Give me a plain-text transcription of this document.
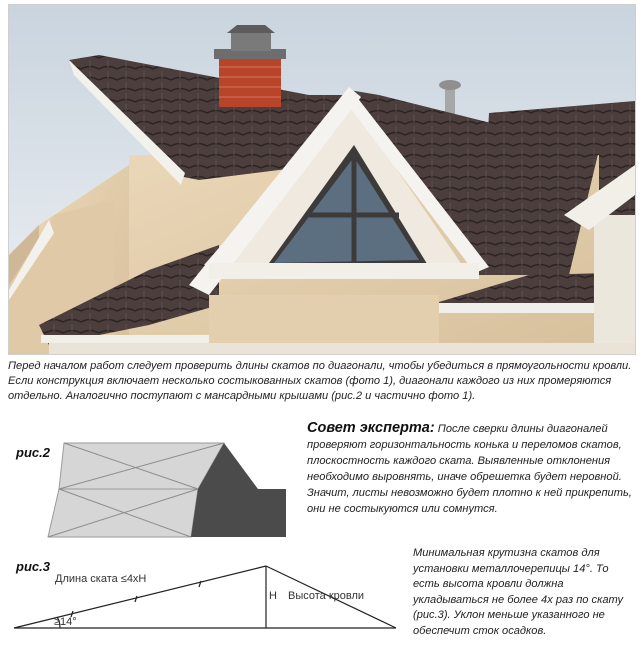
Перед началом работ следует проверить длины скатов по диагонали, чтобы убедиться в прямоугольности кровли. Если конструкция включает несколько состыкованных скатов (фото 1), диагонали каждого из них промеряются отдельно. Аналогично поступают с мансардными крышами (рис.2 и частично фото 1).
рис.2
Совет эксперта: После сверки длины диагоналей проверяют горизонтальность конька и переломов скатов, плоскостность каждого ската. Выявленные отклонения необходимо выровнять, иначе обрешетка будет неровной. Значит, листы невозможно будет плотно к ней прикрепить, они не состыкуются или сомнутся.
рис.3
Длина ската ≤4хН
H Высота кровли
≥14°
Минимальная крутизна скатов для установки металлочерепицы 14°. То есть высота кровли должна укладываться не более 4х раз по скату (рис.3). Уклон меньше указанного не обеспечит сток осадков.
